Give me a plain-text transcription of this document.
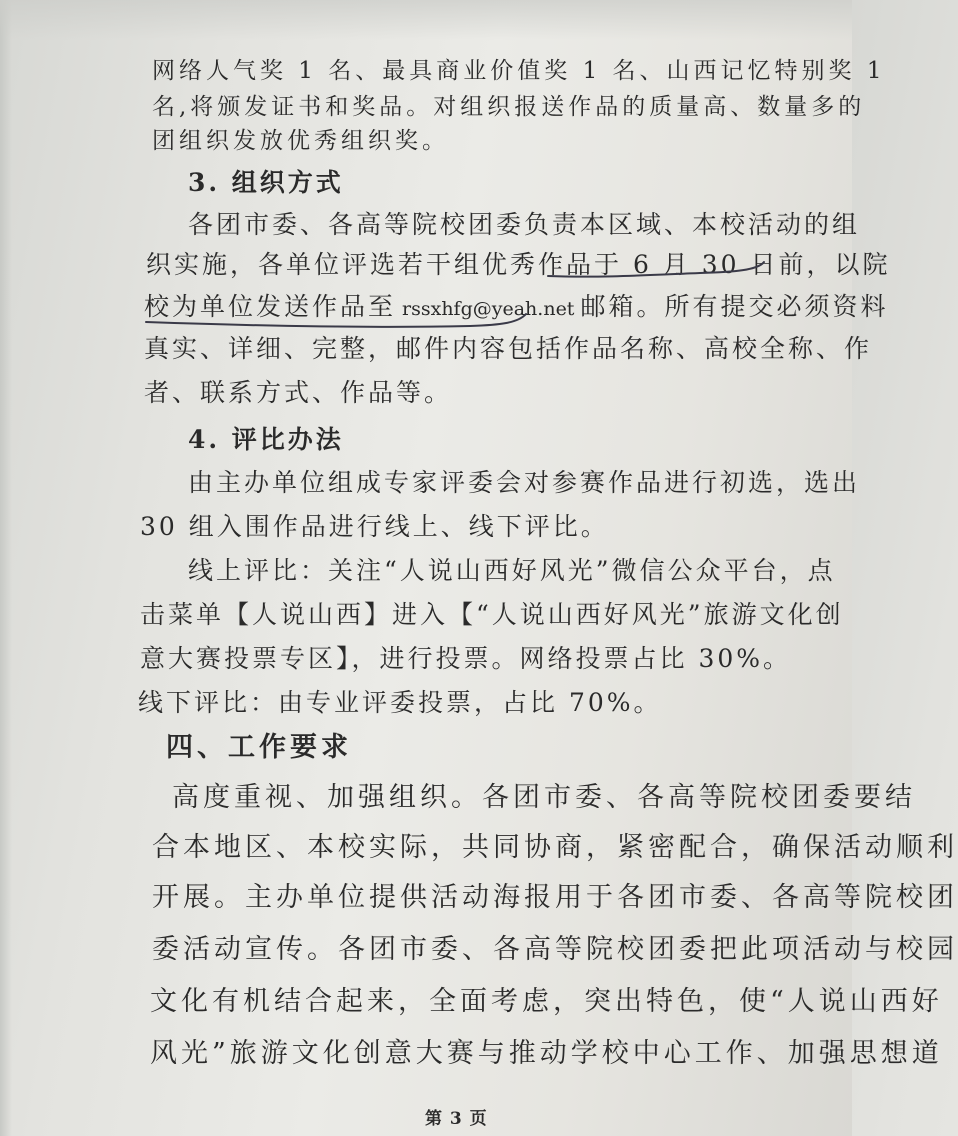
网络人气奖 1 名、最具商业价值奖 1 名、山西记忆特别奖 1
名,将颁发证书和奖品。对组织报送作品的质量高、数量多的
团组织发放优秀组织奖。
3. 组织方式
各团市委、各高等院校团委负责本区域、本校活动的组
织实施，各单位评选若干组优秀作品于 6 月 30 日前，以院
校为单位发送作品至 rssxhfg@yeah.net 邮箱。所有提交必须资料
真实、详细、完整，邮件内容包括作品名称、高校全称、作
者、联系方式、作品等。
4. 评比办法
由主办单位组成专家评委会对参赛作品进行初选，选出
30 组入围作品进行线上、线下评比。
线上评比：关注“人说山西好风光”微信公众平台，点
击菜单【人说山西】进入【“人说山西好风光”旅游文化创
意大赛投票专区】，进行投票。网络投票占比 30%。
线下评比：由专业评委投票，占比 70%。
四、工作要求
高度重视、加强组织。各团市委、各高等院校团委要结
合本地区、本校实际，共同协商，紧密配合，确保活动顺利
开展。主办单位提供活动海报用于各团市委、各高等院校团
委活动宣传。各团市委、各高等院校团委把此项活动与校园
文化有机结合起来，全面考虑，突出特色，使“人说山西好
风光”旅游文化创意大赛与推动学校中心工作、加强思想道
第 3 页
